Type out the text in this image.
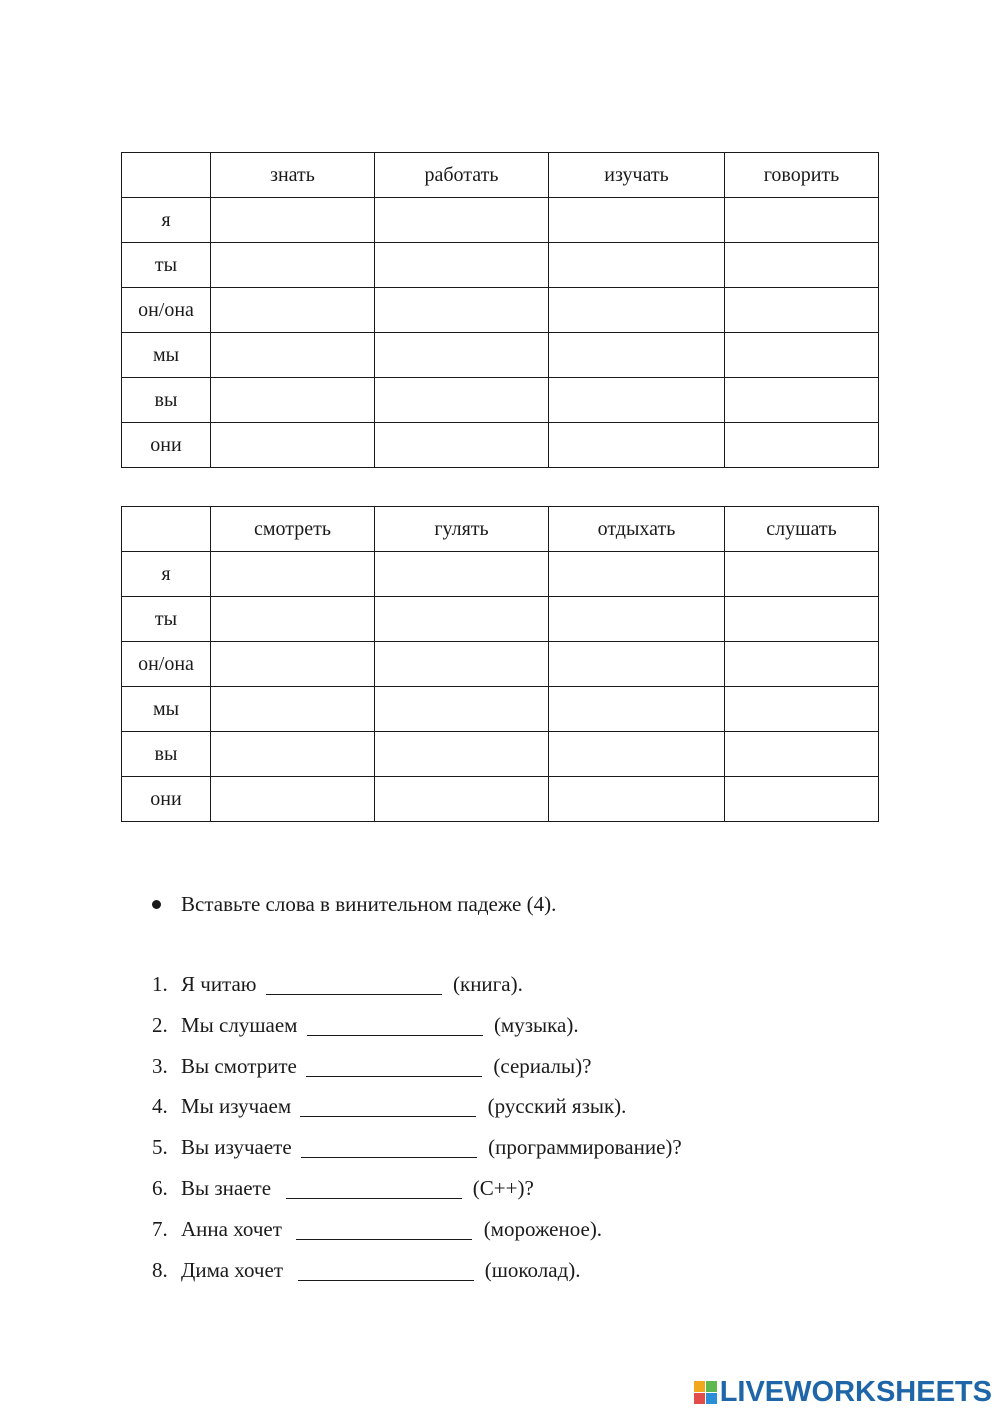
	знать	работать	изучать	говорить
я				
ты				
он/она				
мы				
вы				
они				
	смотреть	гулять	отдыхать	слушать
я				
ты				
он/она				
мы				
вы				
они				
Вставьте слова в винительном падеже (4).
1. Я читаю	(книга).
2. Мы слушаем	(музыка).
3. Вы смотрите	(сериалы)?
4. Мы изучаем	(русский язык).
5. Вы изучаете	(программирование)?
6. Вы знаете	(С++)?
7. Анна хочет	(мороженое).
8. Дима хочет	(шоколад).
LIVEWORKSHEETS
